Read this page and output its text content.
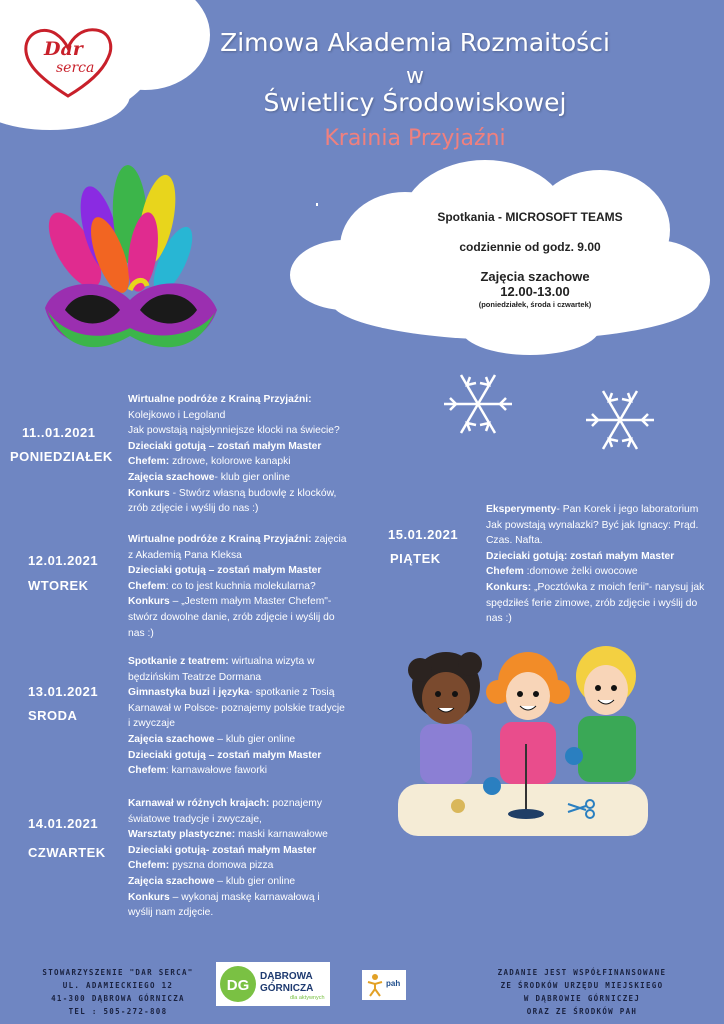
Dar
serca
Zimowa Akademia Rozmaitości
w
Świetlicy Środowiskowej
Krainia Przyjaźni
Spotkania - MICROSOFT TEAMS
codziennie od godz. 9.00
Zajęcia szachowe
12.00-13.00
(poniedziałek, środa i czwartek)
11..01.2021
PONIEDZIAŁEK
Wirtualne podróże z Krainą Przyjaźni:
Kolejkowo i Legoland
Jak powstają najsłynniejsze klocki na świecie?
Dzieciaki gotują – zostań małym Master
Chefem: zdrowe, kolorowe kanapki
Zajęcia szachowe- klub gier online
Konkurs - Stwórz własną budowlę z klocków,
zrób zdjęcie i wyślij do nas :)
12.01.2021
WTOREK
Wirtualne podróże z Krainą Przyjaźni: zajęcia
z Akademią Pana Kleksa
Dzieciaki gotują – zostań małym Master
Chefem: co to jest kuchnia molekularna?
Konkurs – „Jestem małym Master Chefem"-
stwórz dowolne danie, zrób zdjęcie i wyślij do
nas :)
13.01.2021
SRODA
Spotkanie z teatrem: wirtualna wizyta w
będzińskim Teatrze Dormana
Gimnastyka buzi i języka- spotkanie z Tosią
Karnawał w Polsce- poznajemy polskie tradycje
i zwyczaje
Zajęcia szachowe – klub gier online
Dzieciaki gotują – zostań małym Master
Chefem: karnawałowe faworki
14.01.2021
CZWARTEK
Karnawał w różnych krajach: poznajemy
światowe tradycje i zwyczaje,
Warsztaty plastyczne: maski karnawałowe
Dzieciaki gotują- zostań małym Master
Chefem: pyszna domowa pizza
Zajęcia szachowe – klub gier online
Konkurs – wykonaj maskę karnawałową i
wyślij nam zdjęcie.
15.01.2021
PIĄTEK
Eksperymenty- Pan Korek i jego laboratorium
Jak powstają wynalazki? Być jak Ignacy: Prąd.
Czas. Nafta.
Dzieciaki gotują: zostań małym Master
Chefem :domowe żelki owocowe
Konkurs: „Pocztówka z moich ferii"- narysuj jak
spędziłeś ferie zimowe, zrób zdjęcie i wyślij do
nas :)
STOWARZYSZENIE "DAR SERCA"
UL. ADAMIECKIEGO 12
41-300 DĄBROWA GÓRNICZA
TEL : 505-272-808
DG
DĄBROWA
GÓRNICZA
dla aktywnych
pah
ZADANIE JEST WSPÓŁFINANSOWANE
ZE ŚRODKÓW URZĘDU MIEJSKIEGO
W DĄBROWIE GÓRNICZEJ
ORAZ ZE ŚRODKÓW PAH
